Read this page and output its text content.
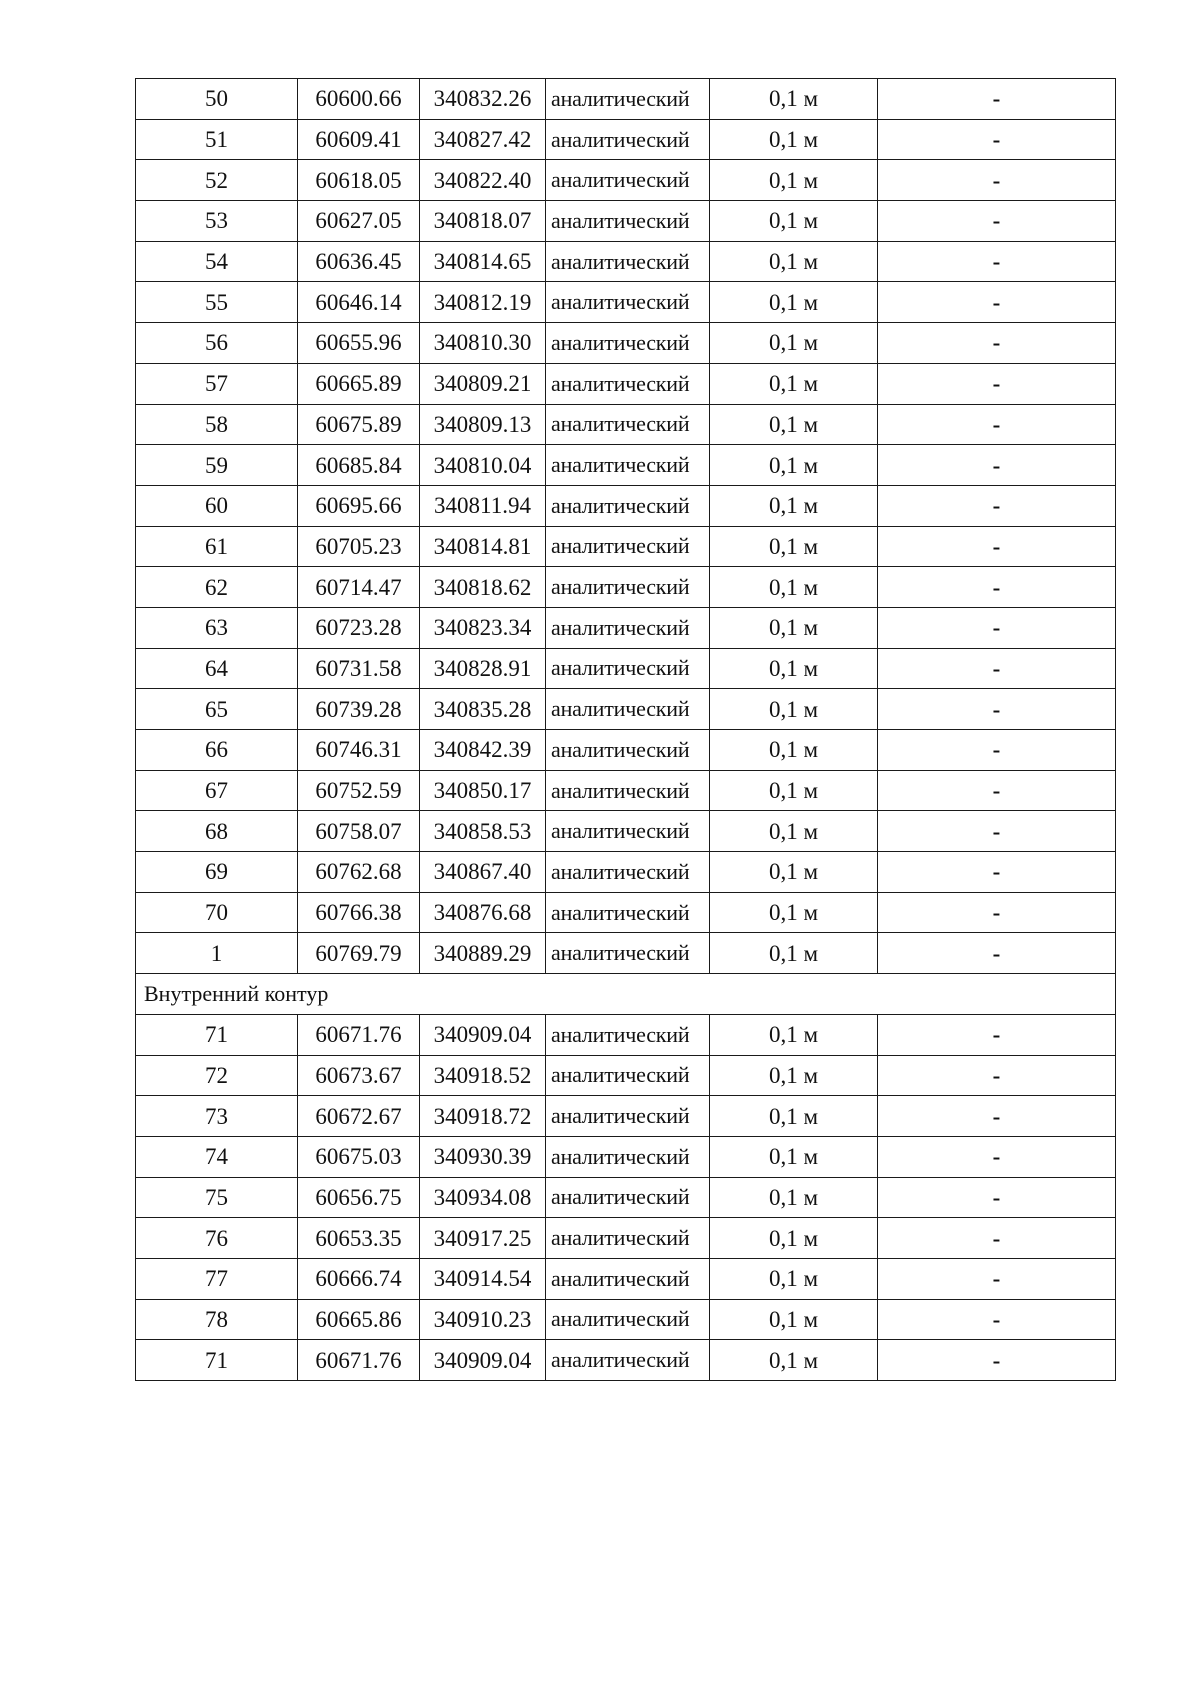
50	60600.66	340832.26	аналитический	0,1 м	-
51	60609.41	340827.42	аналитический	0,1 м	-
52	60618.05	340822.40	аналитический	0,1 м	-
53	60627.05	340818.07	аналитический	0,1 м	-
54	60636.45	340814.65	аналитический	0,1 м	-
55	60646.14	340812.19	аналитический	0,1 м	-
56	60655.96	340810.30	аналитический	0,1 м	-
57	60665.89	340809.21	аналитический	0,1 м	-
58	60675.89	340809.13	аналитический	0,1 м	-
59	60685.84	340810.04	аналитический	0,1 м	-
60	60695.66	340811.94	аналитический	0,1 м	-
61	60705.23	340814.81	аналитический	0,1 м	-
62	60714.47	340818.62	аналитический	0,1 м	-
63	60723.28	340823.34	аналитический	0,1 м	-
64	60731.58	340828.91	аналитический	0,1 м	-
65	60739.28	340835.28	аналитический	0,1 м	-
66	60746.31	340842.39	аналитический	0,1 м	-
67	60752.59	340850.17	аналитический	0,1 м	-
68	60758.07	340858.53	аналитический	0,1 м	-
69	60762.68	340867.40	аналитический	0,1 м	-
70	60766.38	340876.68	аналитический	0,1 м	-
1	60769.79	340889.29	аналитический	0,1 м	-
Внутренний контур					
71	60671.76	340909.04	аналитический	0,1 м	-
72	60673.67	340918.52	аналитический	0,1 м	-
73	60672.67	340918.72	аналитический	0,1 м	-
74	60675.03	340930.39	аналитический	0,1 м	-
75	60656.75	340934.08	аналитический	0,1 м	-
76	60653.35	340917.25	аналитический	0,1 м	-
77	60666.74	340914.54	аналитический	0,1 м	-
78	60665.86	340910.23	аналитический	0,1 м	-
71	60671.76	340909.04	аналитический	0,1 м	-
